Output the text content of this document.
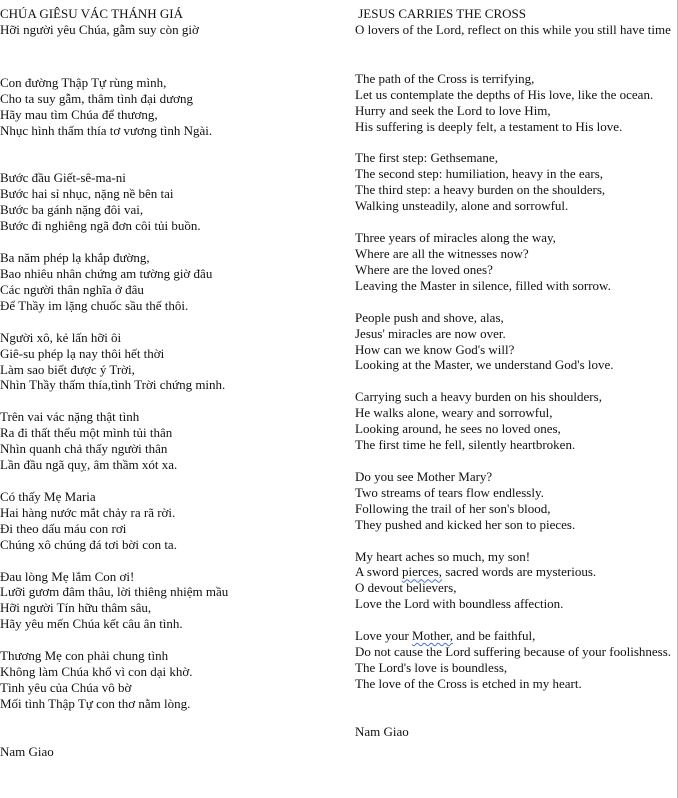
CHÚA GIÊSU VÁC THÁNH GIÁ
Hỡi người yêu Chúa, gẫm suy còn giờ
Con đường Thập Tự rùng mình,
Cho ta suy gẫm, thâm tình đại dương
Hãy mau tìm Chúa để thương,
Nhục hình thấm thía tơ vương tình Ngài.
Bước đầu Giết-sê-ma-ni
Bước hai sỉ nhục, nặng nề bên tai
Bước ba gánh nặng đôi vai,
Bước đi nghiêng ngã đơn côi tủi buồn.
Ba năm phép lạ khắp đường,
Bao nhiêu nhân chứng am tường giờ đâu
Các người thân nghĩa ở đâu
Để Thầy im lặng chuốc sầu thế thôi.
Người xô, kẻ lấn hỡi ôi
Giê-su phép lạ nay thôi hết thời
Làm sao biết được ý Trời,
Nhìn Thầy thấm thía,tình Trời chứng minh.
Trên vai vác nặng thật tình
Ra đi thất thểu một mình tủi thân
Nhìn quanh chả thấy người thân
Lần đầu ngã quỵ, âm thầm xót xa.
Có thấy Mẹ Maria
Hai hàng nước mắt chảy ra rã rời.
Đi theo dấu máu con rơi
Chúng xô chúng đá tơi bời con ta.
Đau lòng Mẹ lắm Con ơi!
Lưỡi gươm đâm thâu, lời thiêng nhiệm mầu
Hỡi người Tín hữu thâm sâu,
Hãy yêu mến Chúa kết câu ân tình.
Thương Mẹ con phải chung tình
Không làm Chúa khổ vì con dại khờ.
Tình yêu của Chúa vô bờ
Mối tình Thập Tự con thơ nằm lòng.
Nam Giao
JESUS CARRIES THE CROSS
O lovers of the Lord, reflect on this while you still have time
The path of the Cross is terrifying,
Let us contemplate the depths of His love, like the ocean.
Hurry and seek the Lord to love Him,
His suffering is deeply felt, a testament to His love.
The first step: Gethsemane,
The second step: humiliation, heavy in the ears,
The third step: a heavy burden on the shoulders,
Walking unsteadily, alone and sorrowful.
Three years of miracles along the way,
Where are all the witnesses now?
Where are the loved ones?
Leaving the Master in silence, filled with sorrow.
People push and shove, alas,
Jesus' miracles are now over.
How can we know God's will?
Looking at the Master, we understand God's love.
Carrying such a heavy burden on his shoulders,
He walks alone, weary and sorrowful,
Looking around, he sees no loved ones,
The first time he fell, silently heartbroken.
Do you see Mother Mary?
Two streams of tears flow endlessly.
Following the trail of her son's blood,
They pushed and kicked her son to pieces.
My heart aches so much, my son!
A sword pierces, sacred words are mysterious.
O devout believers,
Love the Lord with boundless affection.
Love your Mother, and be faithful,
Do not cause the Lord suffering because of your foolishness.
The Lord's love is boundless,
The love of the Cross is etched in my heart.
Nam Giao
